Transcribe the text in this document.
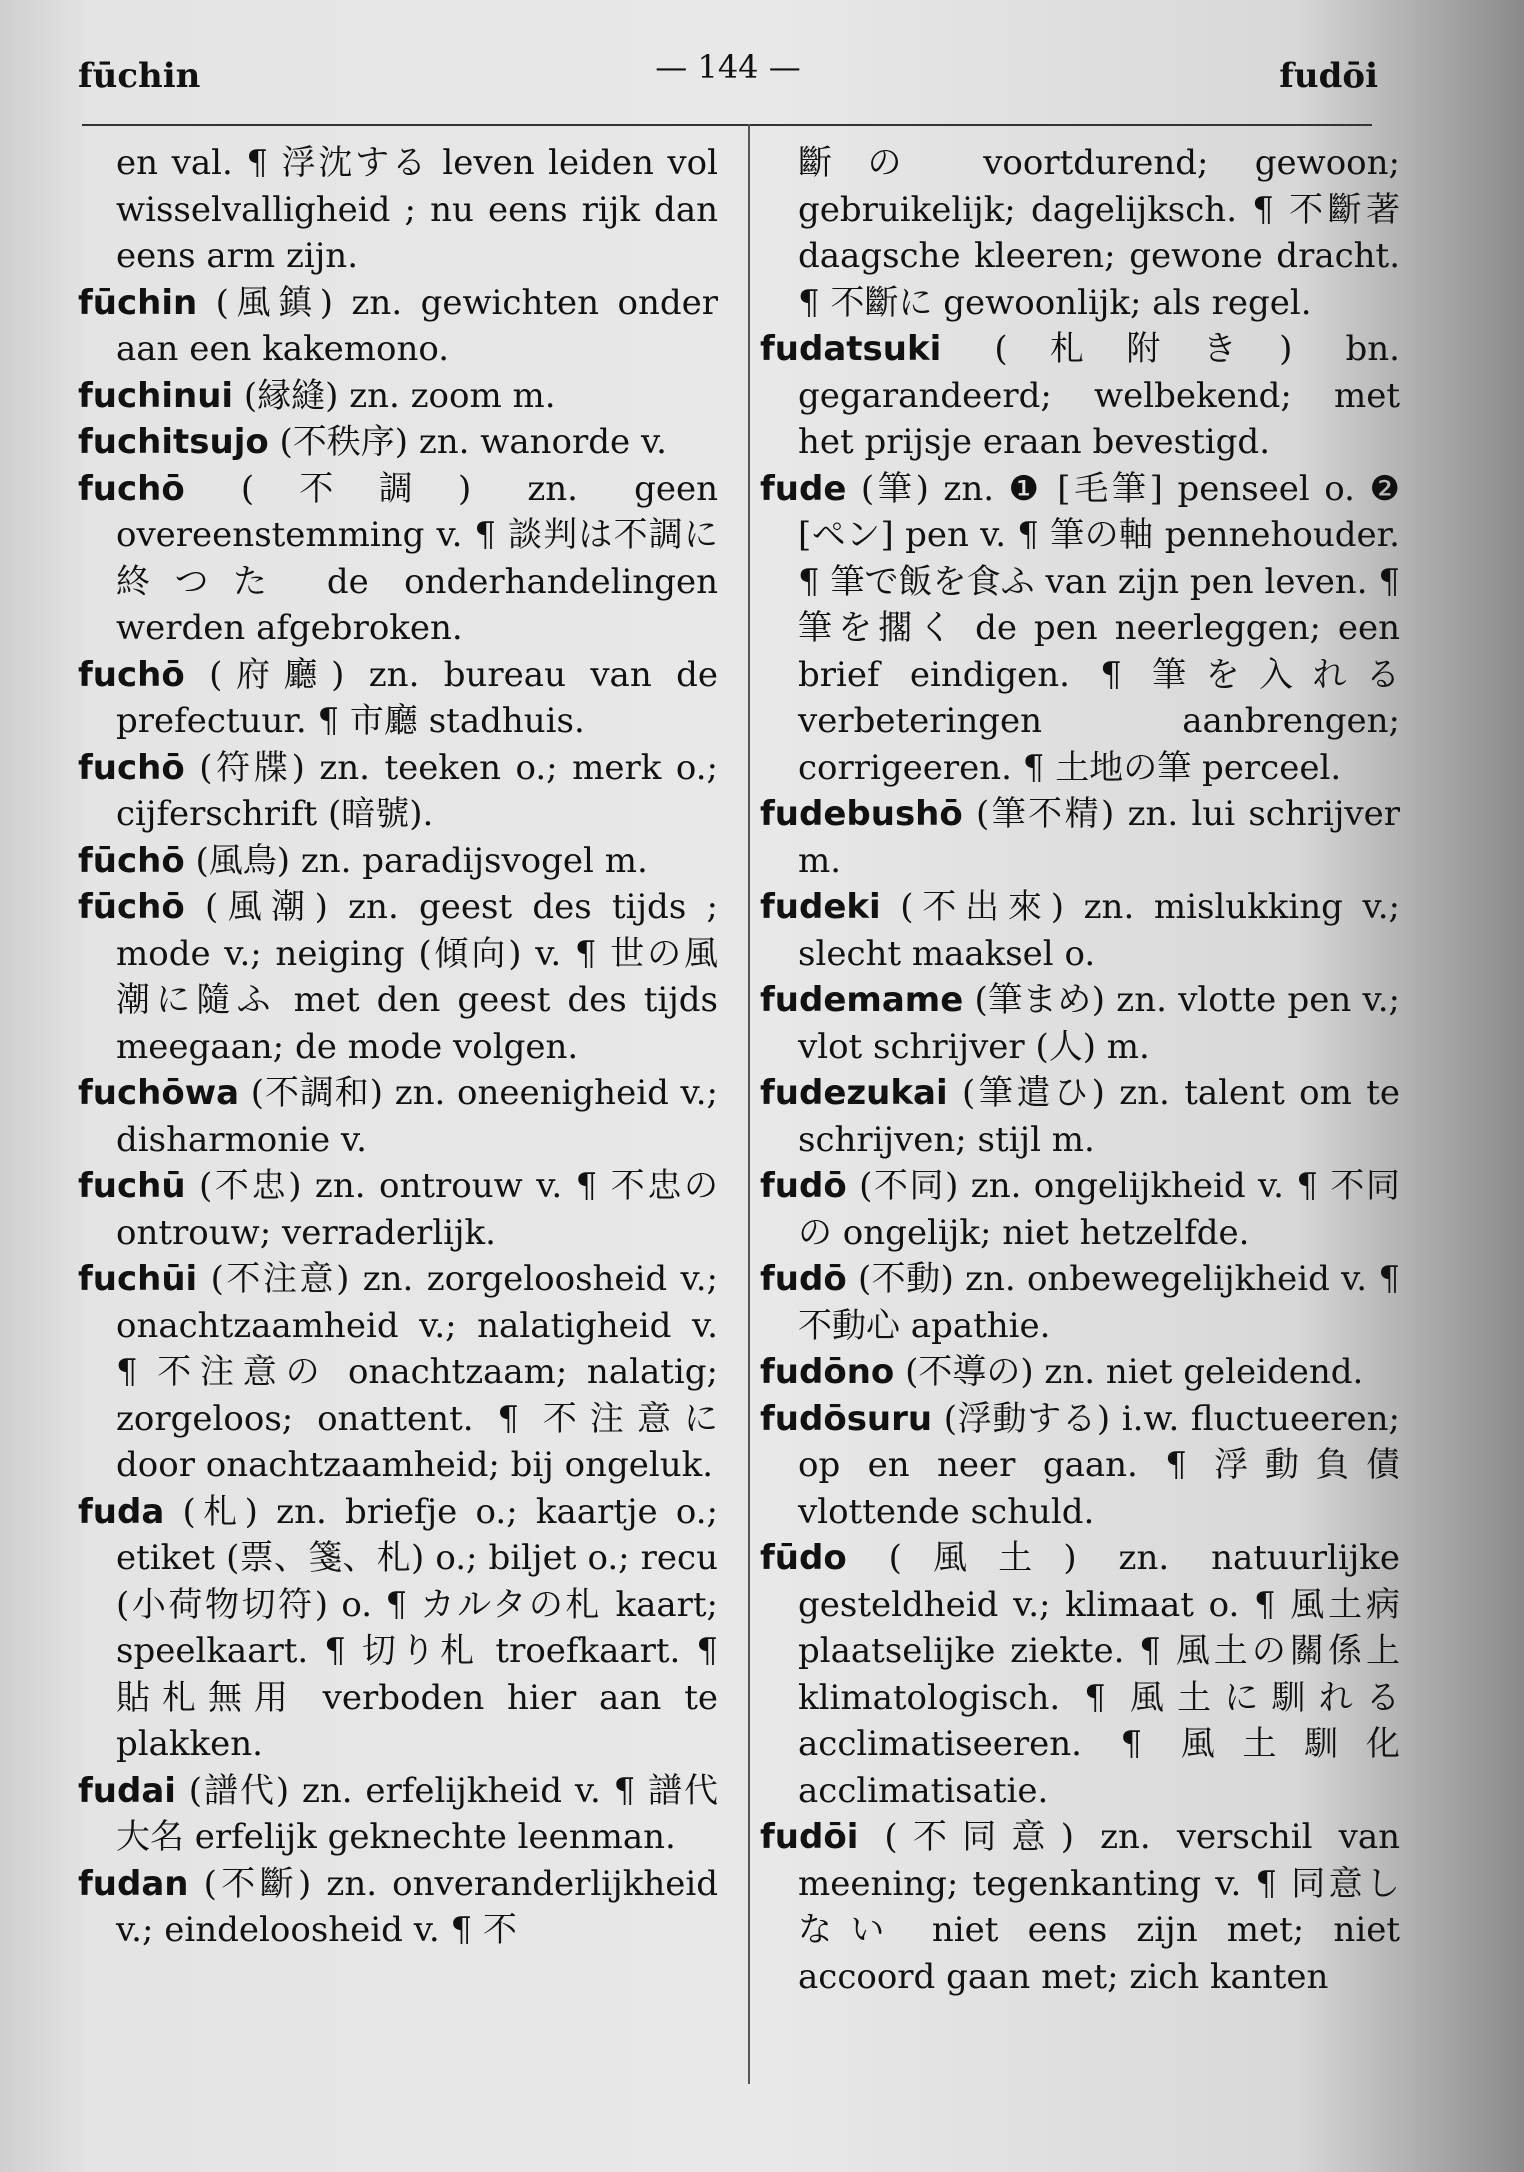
fūchin	— 144 —	fudōi

en val. ¶ 浮沈する leven leiden vol wisselvalligheid ; nu eens rijk dan eens arm zijn.

fūchin (風鎮) zn. gewichten onder aan een kakemono.

fuchinui (縁縫) zn. zoom m.

fuchitsujo (不秩序) zn. wanorde v.

fuchō (不調) zn. geen overeenstemming v. ¶ 談判は不調に終つた de onderhandelingen werden afgebroken.

fuchō (府廳) zn. bureau van de prefectuur. ¶ 市廳 stadhuis.

fuchō (符牒) zn. teeken o.; merk o.; cijferschrift (暗號).

fūchō (風鳥) zn. paradijsvogel m.

fūchō (風潮) zn. geest des tijds ; mode v.; neiging (傾向) v. ¶ 世の風潮に隨ふ met den geest des tijds meegaan; de mode volgen.

fuchōwa (不調和) zn. oneenigheid v.; disharmonie v.

fuchū (不忠) zn. ontrouw v. ¶ 不忠の ontrouw; verraderlijk.

fuchūi (不注意) zn. zorgeloosheid v.; onachtzaamheid v.; nalatigheid v. ¶ 不注意の onachtzaam; nalatig; zorgeloos; onattent. ¶ 不注意に door onachtzaamheid; bij ongeluk.

fuda (札) zn. briefje o.; kaartje o.; etiket (票、箋、札) o.; biljet o.; recu (小荷物切符) o. ¶ カルタの札 kaart; speelkaart. ¶ 切り札 troefkaart. ¶ 貼札無用 verboden hier aan te plakken.

fudai (譜代) zn. erfelijkheid v. ¶ 譜代大名 erfelijk geknechte leenman.

fudan (不斷) zn. onveranderlijkheid v.; eindeloosheid v. ¶ 不

斷の voortdurend; gewoon; gebruikelijk; dagelijksch. ¶ 不斷著 daagsche kleeren; gewone dracht. ¶ 不斷に gewoonlijk; als regel.

fudatsuki (札附き) bn. gegarandeerd; welbekend; met het prijsje eraan bevestigd.

fude (筆) zn. ❶ [毛筆] penseel o. ❷ [ペン] pen v. ¶ 筆の軸 pennehouder. ¶ 筆で飯を食ふ van zijn pen leven. ¶ 筆を擱く de pen neerleggen; een brief eindigen. ¶ 筆を入れる verbeteringen aanbrengen; corrigeeren. ¶ 土地の筆 perceel.

fudebushō (筆不精) zn. lui schrijver m.

fudeki (不出來) zn. mislukking v.; slecht maaksel o.

fudemame (筆まめ) zn. vlotte pen v.; vlot schrijver (人) m.

fudezukai (筆遣ひ) zn. talent om te schrijven; stijl m.

fudō (不同) zn. ongelijkheid v. ¶ 不同の ongelijk; niet hetzelfde.

fudō (不動) zn. onbewegelijkheid v. ¶ 不動心 apathie.

fudōno (不導の) zn. niet geleidend.

fudōsuru (浮動する) i.w. fluctueeren; op en neer gaan. ¶ 浮動負債 vlottende schuld.

fūdo (風土) zn. natuurlijke gesteldheid v.; klimaat o. ¶ 風土病 plaatselijke ziekte. ¶ 風土の關係上 klimatologisch. ¶ 風土に馴れる acclimatiseeren. ¶ 風土馴化 acclimatisatie.

fudōi (不同意) zn. verschil van meening; tegenkanting v. ¶ 同意しない niet eens zijn met; niet accoord gaan met; zich kanten
